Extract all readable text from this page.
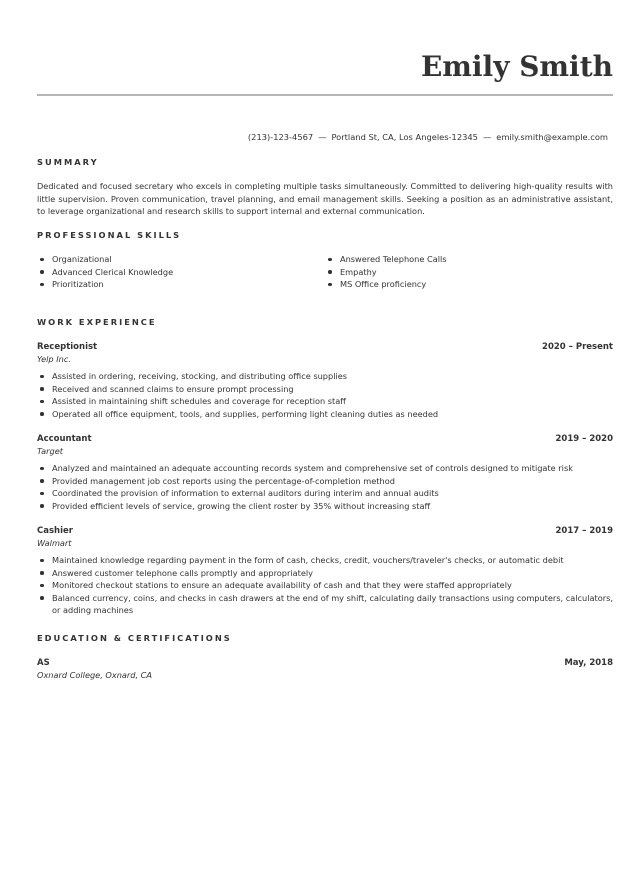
Emily Smith
(213)-123-4567 — Portland St, CA, Los Angeles-12345 — emily.smith@example.com
SUMMARY
Dedicated and focused secretary who excels in completing multiple tasks simultaneously. Committed to delivering high-quality results with little supervision. Proven communication, travel planning, and email management skills. Seeking a position as an administrative assistant, to leverage organizational and research skills to support internal and external communication.
PROFESSIONAL SKILLS
Organizational
Advanced Clerical Knowledge
Prioritization
Answered Telephone Calls
Empathy
MS Office proficiency
WORK EXPERIENCE
Receptionist	2020 – Present
Yelp Inc.
Assisted in ordering, receiving, stocking, and distributing office supplies
Received and scanned claims to ensure prompt processing
Assisted in maintaining shift schedules and coverage for reception staff
Operated all office equipment, tools, and supplies, performing light cleaning duties as needed
Accountant	2019 – 2020
Target
Analyzed and maintained an adequate accounting records system and comprehensive set of controls designed to mitigate risk
Provided management job cost reports using the percentage-of-completion method
Coordinated the provision of information to external auditors during interim and annual audits
Provided efficient levels of service, growing the client roster by 35% without increasing staff
Cashier	2017 – 2019
Walmart
Maintained knowledge regarding payment in the form of cash, checks, credit, vouchers/traveler's checks, or automatic debit
Answered customer telephone calls promptly and appropriately
Monitored checkout stations to ensure an adequate availability of cash and that they were staffed appropriately
Balanced currency, coins, and checks in cash drawers at the end of my shift, calculating daily transactions using computers, calculators, or adding machines
EDUCATION & CERTIFICATIONS
AS	May, 2018
Oxnard College, Oxnard, CA
